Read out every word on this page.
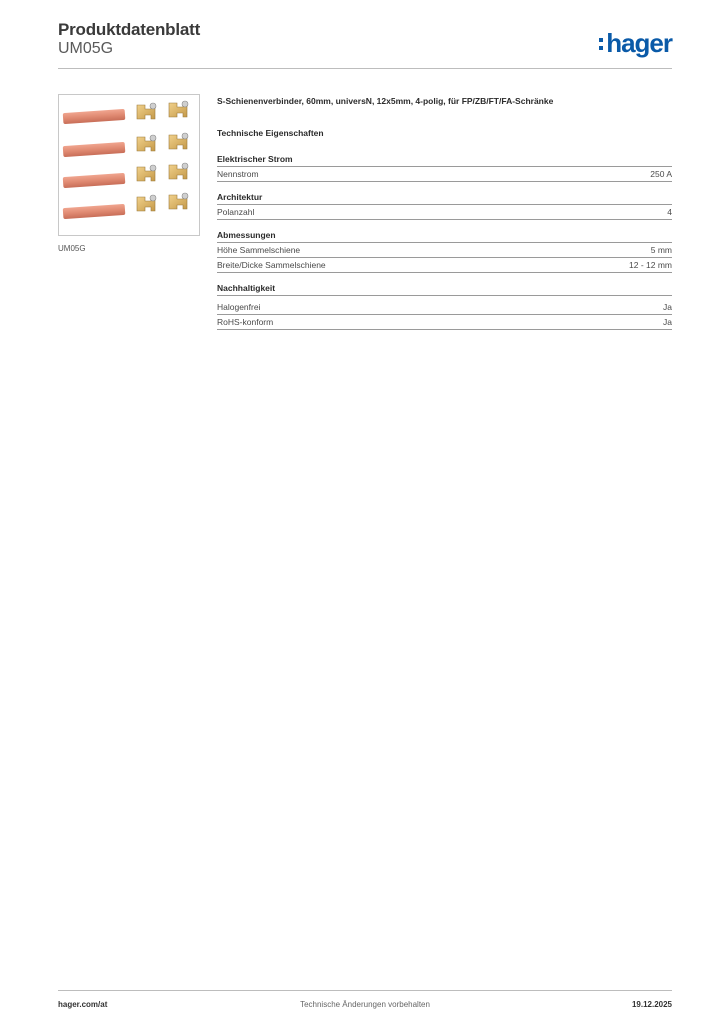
Produktdatenblatt
UM05G	hager
UM05G
S-Schienenverbinder, 60mm, universN, 12x5mm, 4-polig, für FP/ZB/FT/FA-Schränke
Technische Eigenschaften
Elektrischer Strom
Nennstrom	250 A
Architektur
Polanzahl	4
Abmessungen
Höhe Sammelschiene	5 mm
Breite/Dicke Sammelschiene	12 - 12 mm
Nachhaltigkeit
Halogenfrei	Ja
RoHS-konform	Ja
hager.com/at	Technische Änderungen vorbehalten	19.12.2025
